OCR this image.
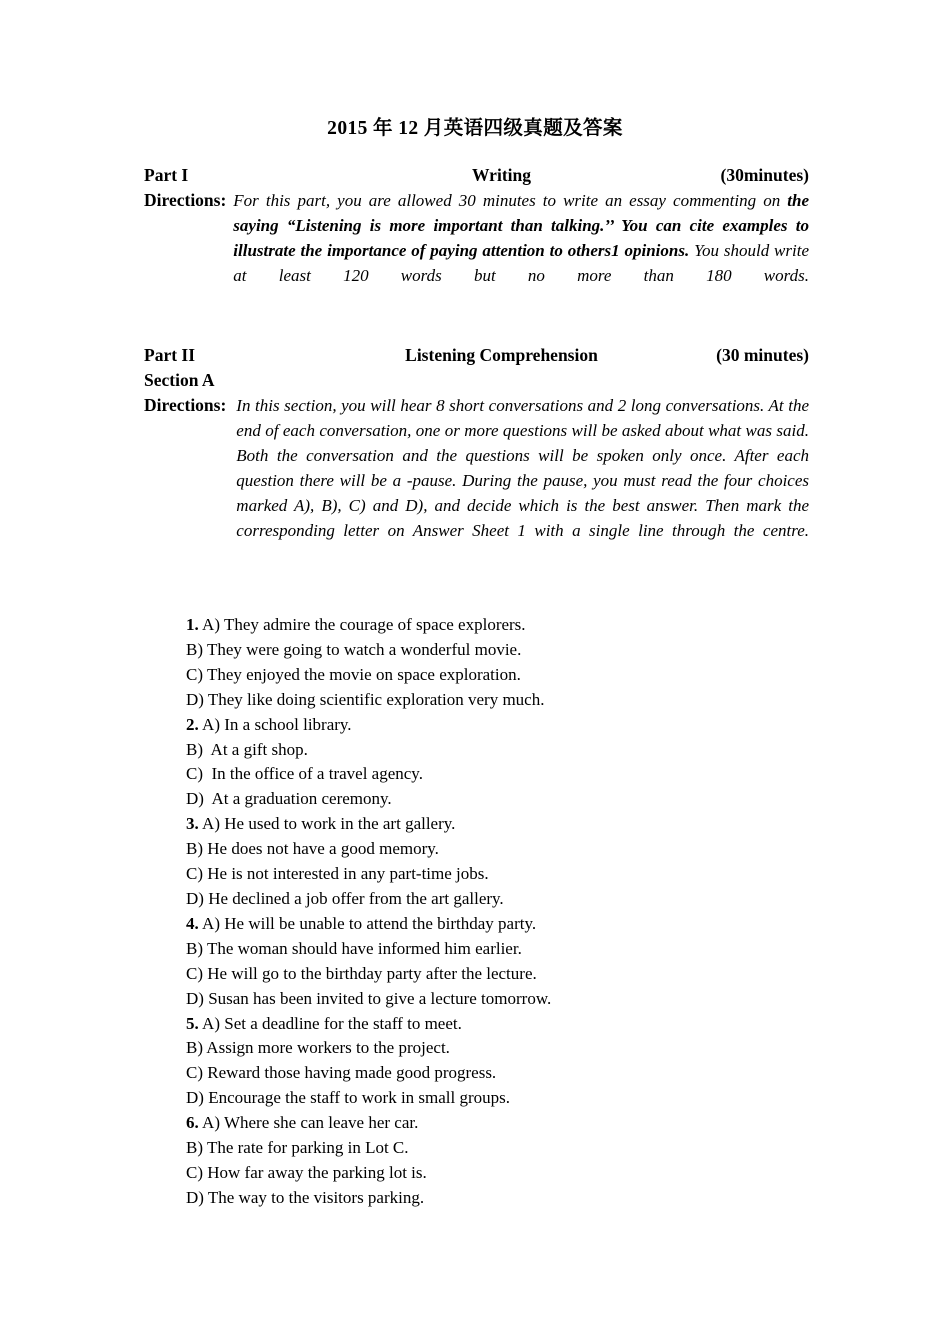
2015 年 12 月英语四级真题及答案
Part I	Writing	(30minutes)
Directions: For this part, you are allowed 30 minutes to write an essay commenting on the saying “Listening is more important than talking.’’ You can cite examples to illustrate the importance of paying attention to others1 opinions. You should write at least 120 words but no more than 180 words.
Part II	Listening Comprehension	(30 minutes)
Section A
Directions: In this section, you will hear 8 short conversations and 2 long conversations. At the end of each conversation, one or more questions will be asked about what was said. Both the conversation and the questions will be spoken only once. After each question there will be a -pause. During the pause, you must read the four choices marked A), B), C) and D), and decide which is the best answer. Then mark the corresponding letter on Answer Sheet 1 with a single line through the centre.
1. A) They admire the courage of space explorers.
B) They were going to watch a wonderful movie.
C) They enjoyed the movie on space exploration.
D) They like doing scientific exploration very much.
2. A) In a school library.
B)  At a gift shop.
C)  In the office of a travel agency.
D)  At a graduation ceremony.
3. A) He used to work in the art gallery.
B) He does not have a good memory.
C) He is not interested in any part-time jobs.
D) He declined a job offer from the art gallery.
4. A) He will be unable to attend the birthday party.
B) The woman should have informed him earlier.
C) He will go to the birthday party after the lecture.
D) Susan has been invited to give a lecture tomorrow.
5. A) Set a deadline for the staff to meet.
B) Assign more workers to the project.
C) Reward those having made good progress.
D) Encourage the staff to work in small groups.
6. A) Where she can leave her car.
B) The rate for parking in Lot C.
C) How far away the parking lot is.
D) The way to the visitors parking.
